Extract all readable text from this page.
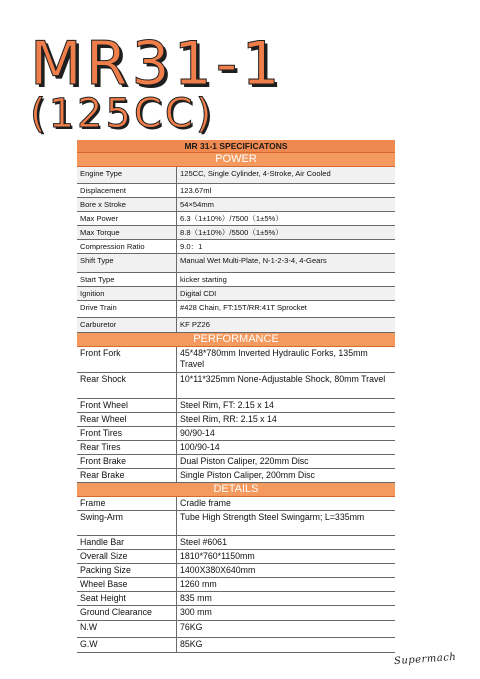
MR31-1
(125CC)
MR 31-1 SPECIFICATONS
POWER
Engine Type	125CC, Single Cylinder, 4-Stroke, Air Cooled
Displacement	123.67ml
Bore x Stroke	54×54mm
Max Power	6.3（1±10%）/7500（1±5%）
Max Torque	8.8（1±10%）/5500（1±5%）
Compression Ratio	9.0：1
Shift Type	Manual Wet Multi-Plate, N-1-2-3-4, 4-Gears
Start Type	kicker starting
Ignition	Digital CDI
Drive Train	#428 Chain, FT:15T/RR:41T Sprocket
Carburetor	KF PZ26
PERFORMANCE
Front Fork	45*48*780mm Inverted Hydraulic Forks, 135mm Travel
Rear Shock	10*11*325mm None-Adjustable Shock, 80mm Travel
Front Wheel	Steel Rim, FT: 2.15 x 14
Rear Wheel	Steel Rim, RR: 2.15 x 14
Front Tires	90/90-14
Rear Tires	100/90-14
Front Brake	Dual Piston Caliper, 220mm Disc
Rear Brake	Single Piston Caliper, 200mm Disc
DETAILS
Frame	Cradle frame
Swing-Arm	Tube High Strength Steel Swingarm; L=335mm
Handle Bar	Steel #6061
Overall Size	1810*760*1150mm
Packing Size	1400X380X640mm
Wheel Base	1260 mm
Seat Height	835 mm
Ground Clearance	300 mm
N.W	76KG
G.W	85KG
Supermach
